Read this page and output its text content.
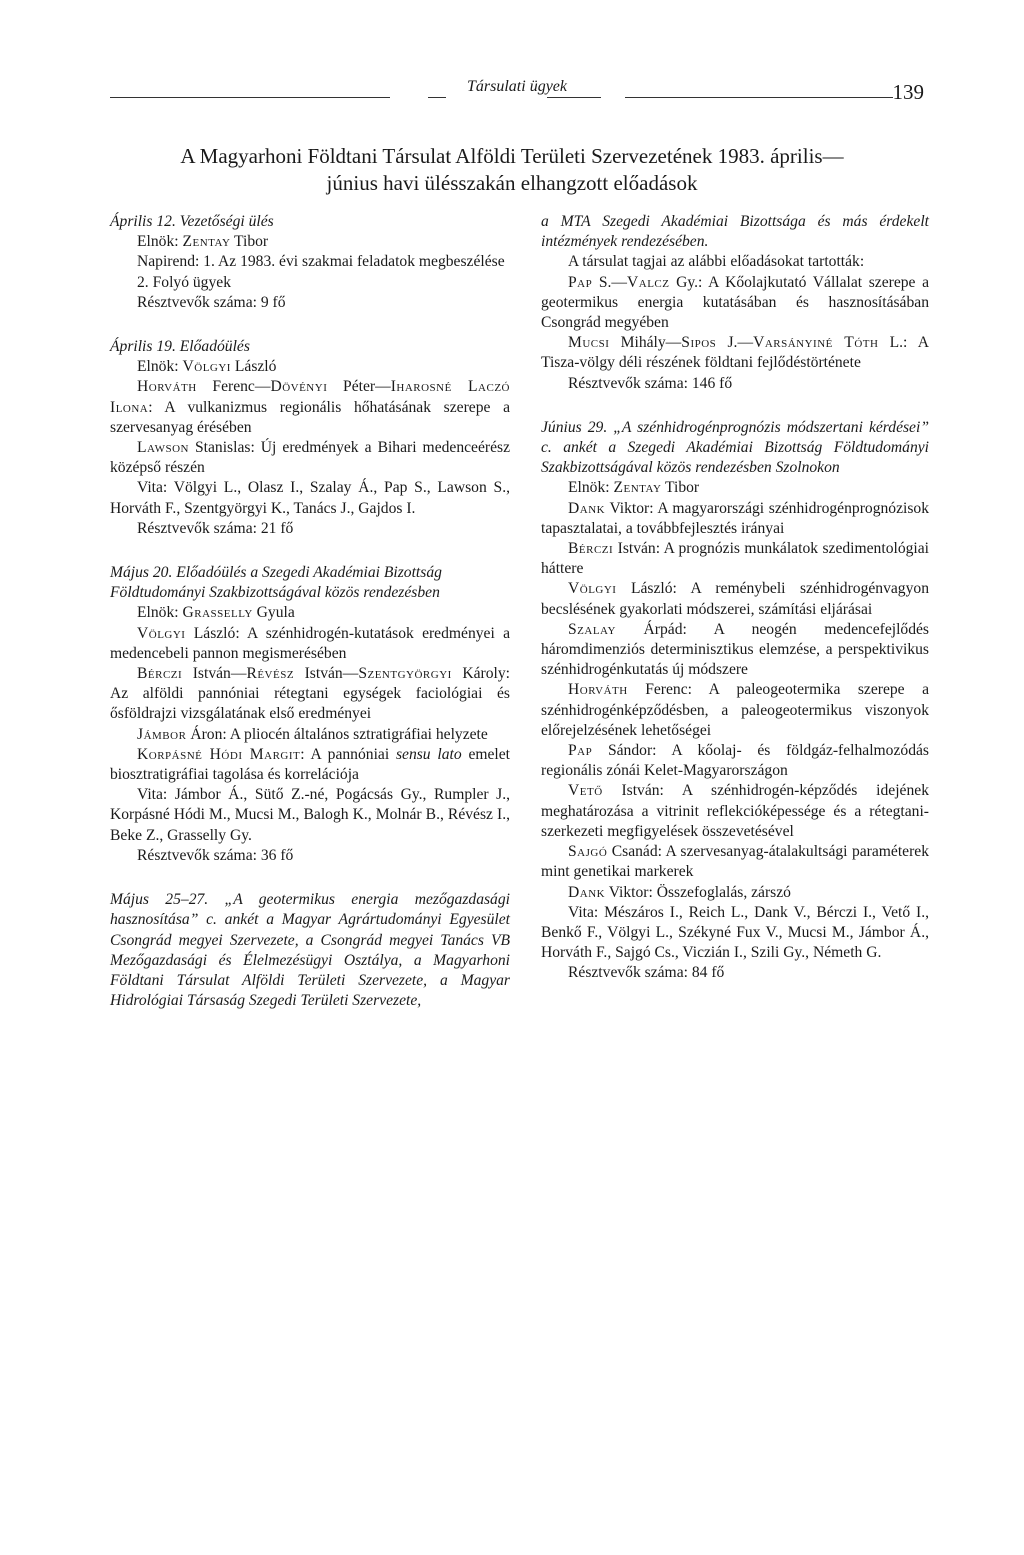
Társulati ügyek	139
A Magyarhoni Földtani Társulat Alföldi Területi Szervezetének 1983. április—
június havi ülésszakán elhangzott előadások

Április 12. Vezetőségi ülés

Elnök: Zentay Tibor

Napirend: 1. Az 1983. évi szakmai feladatok megbeszélése

2. Folyó ügyek

Résztvevők száma: 9 fő

Április 19. Előadóülés

Elnök: Völgyi László

Horváth Ferenc—Dövényi Péter—Iharosné Laczó Ilona: A vulkanizmus regionális hőhatásának szerepe a szervesanyag érésében

Lawson Stanislas: Új eredmények a Bihari medenceérész középső részén

Vita: Völgyi L., Olasz I., Szalay Á., Pap S., Lawson S., Horváth F., Szentgyörgyi K., Tanács J., Gajdos I.

Résztvevők száma: 21 fő

Május 20. Előadóülés a Szegedi Akadémiai Bizottság Földtudományi Szakbizottságával közös rendezésben

Elnök: Grasselly Gyula

Völgyi László: A szénhidrogén-kutatások eredményei a medencebeli pannon megismerésében

Bérczi István—Révész István—Szentgyörgyi Károly: Az alföldi pannóniai rétegtani egységek faciológiai és ősföldrajzi vizsgálatának első eredményei

Jámbor Áron: A pliocén általános sztratigráfiai helyzete

Korpásné Hódi Margit: A pannóniai sensu lato emelet biosztratigráfiai tagolása és korrelációja

Vita: Jámbor Á., Sütő Z.-né, Pogácsás Gy., Rumpler J., Korpásné Hódi M., Mucsi M., Balogh K., Molnár B., Révész I., Beke Z., Grasselly Gy.

Résztvevők száma: 36 fő

Május 25–27. „A geotermikus energia mezőgazdasági hasznosítása” c. ankét a Magyar Agrártudományi Egyesület Csongrád megyei Szervezete, a Csongrád megyei Tanács VB Mezőgazdasági és Élelmezésügyi Osztálya, a Magyarhoni Földtani Társulat Alföldi Területi Szervezete, a Magyar Hidrológiai Társaság Szegedi Területi Szervezete,

a MTA Szegedi Akadémiai Bizottsága és más érdekelt intézmények rendezésében.

A társulat tagjai az alábbi előadásokat tartották:

Pap S.—Valcz Gy.: A Kőolajkutató Vállalat szerepe a geotermikus energia kutatásában és hasznosításában Csongrád megyében

Mucsi Mihály—Sipos J.—Varsányiné Tóth L.: A Tisza-völgy déli részének földtani fejlődéstörténete

Résztvevők száma: 146 fő

Június 29. „A szénhidrogénprognózis módszertani kérdései” c. ankét a Szegedi Akadémiai Bizottság Földtudományi Szakbizottságával közös rendezésben Szolnokon

Elnök: Zentay Tibor

Dank Viktor: A magyarországi szénhidrogénprognózisok tapasztalatai, a továbbfejlesztés irányai

Bérczi István: A prognózis munkálatok szedimentológiai háttere

Völgyi László: A reménybeli szénhidrogénvagyon becslésének gyakorlati módszerei, számítási eljárásai

Szalay Árpád: A neogén medencefejlődés háromdimenziós determinisztikus elemzése, a perspektivikus szénhidrogénkutatás új módszere

Horváth Ferenc: A paleogeotermika szerepe a szénhidrogénképződésben, a paleogeotermikus viszonyok előrejelzésének lehetőségei

Pap Sándor: A kőolaj- és földgáz-felhalmozódás regionális zónái Kelet-Magyarországon

Vető István: A szénhidrogén-képződés idejének meghatározása a vitrinit reflekcióképessége és a rétegtani-szerkezeti megfigyelések összevetésével

Sajgó Csanád: A szervesanyag-átalakultsági paraméterek mint genetikai markerek

Dank Viktor: Összefoglalás, zárszó

Vita: Mészáros I., Reich L., Dank V., Bérczi I., Vető I., Benkő F., Völgyi L., Székyné Fux V., Mucsi M., Jámbor Á., Horváth F., Sajgó Cs., Viczián I., Szili Gy., Németh G.

Résztvevők száma: 84 fő
